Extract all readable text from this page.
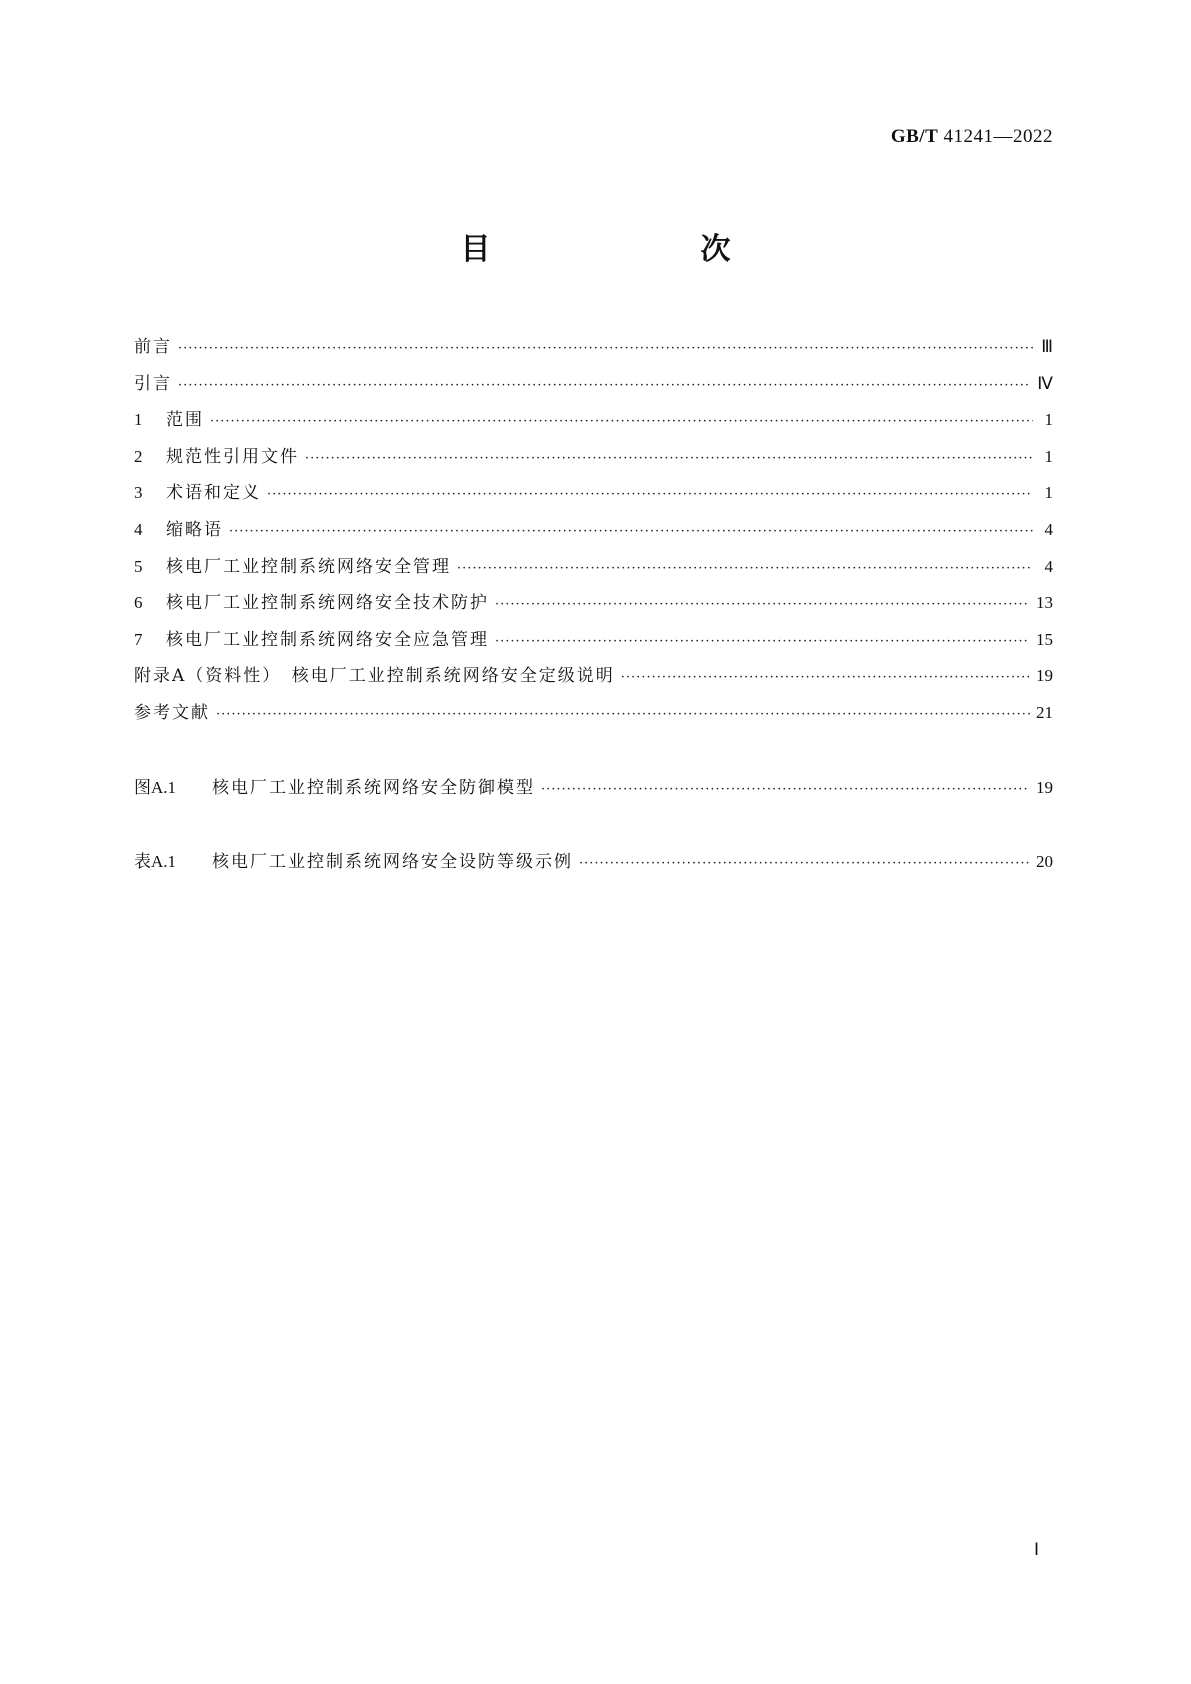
GB/T 41241—2022
目　　次
前言 ·····	Ⅲ
引言 ·····	Ⅳ
1	范围 ·····	1
2	规范性引用文件 ·····	1
3	术语和定义 ·····	1
4	缩略语 ·····	4
5	核电厂工业控制系统网络安全管理 ·····	4
6	核电厂工业控制系统网络安全技术防护 ·····	13
7	核电厂工业控制系统网络安全应急管理 ·····	15
附录A（资料性）　核电厂工业控制系统网络安全定级说明 ·····	19
参考文献 ·····	21
图A.1	核电厂工业控制系统网络安全防御模型 ·····	19
表A.1	核电厂工业控制系统网络安全设防等级示例 ·····	20
Ⅰ
